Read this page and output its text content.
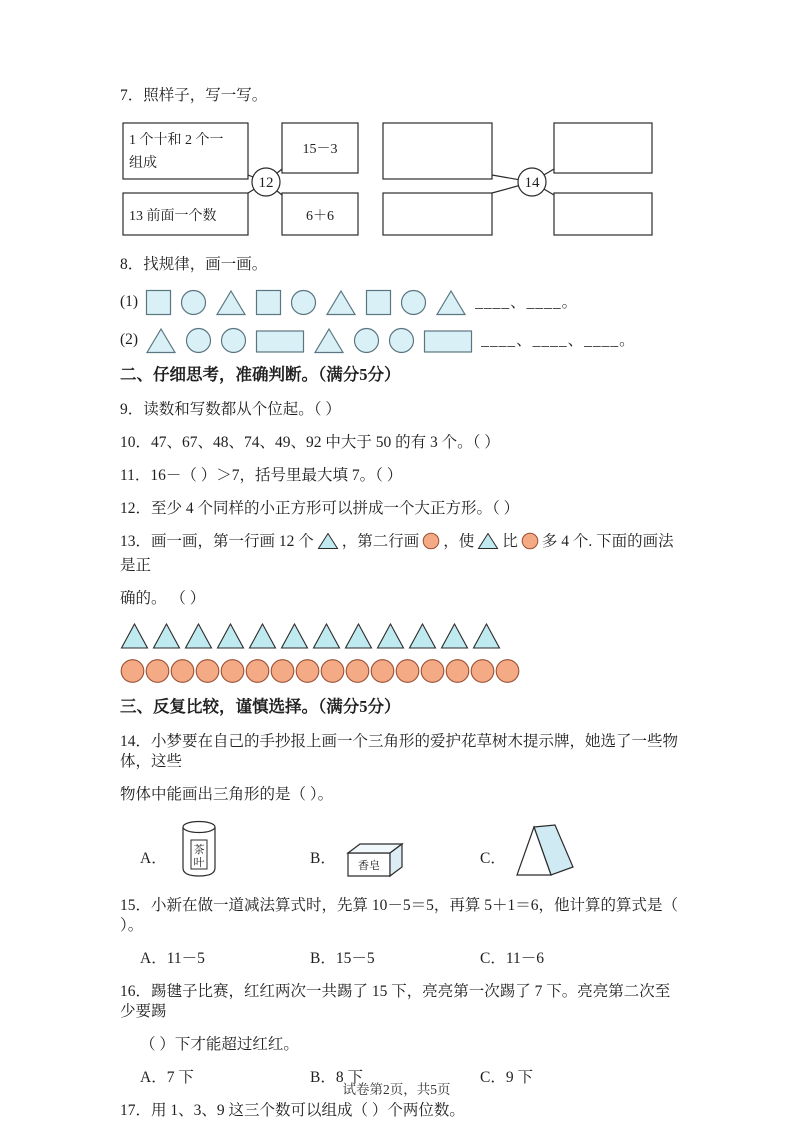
7．照样子，写一写。

1 个十和 2 个一
组成
13 前面一个数
15－3
6＋6
12	14

8．找规律，画一画。

(1)	____、____。
(2)	____、____、____。
二、仔细思考，准确判断。（满分5分）

9．读数和写数都从个位起。（ ）

10．47、67、48、74、49、92 中大于 50 的有 3 个。（ ）

11．16－（ ）＞7，括号里最大填 7。（ ）

12．至少 4 个同样的小正方形可以拼成一个大正方形。（ ）

13．画一画，第一行画 12 个 ，第二行画 ，使 比 多 4 个. 下面的画法是正

确的。 （ ）

三、反复比较，谨慎选择。（满分5分）

14．小梦要在自己的手抄报上画一个三角形的爱护花草树木提示牌，她选了一些物体，这些

物体中能画出三角形的是（ ）。

A． 茶
叶	B． 香皂	C．

15．小新在做一道减法算式时，先算 10－5＝5，再算 5＋1＝6，他计算的算式是（ ）。

A．11－5	B．15－5	C．11－6

16．踢毽子比赛，红红两次一共踢了 15 下，亮亮第一次踢了 7 下。亮亮第二次至少要踢

（ ）下才能超过红红。

A．7 下	B．8 下	C．9 下

17．用 1、3、9 这三个数可以组成（ ）个两位数。

试卷第2页，共5页
